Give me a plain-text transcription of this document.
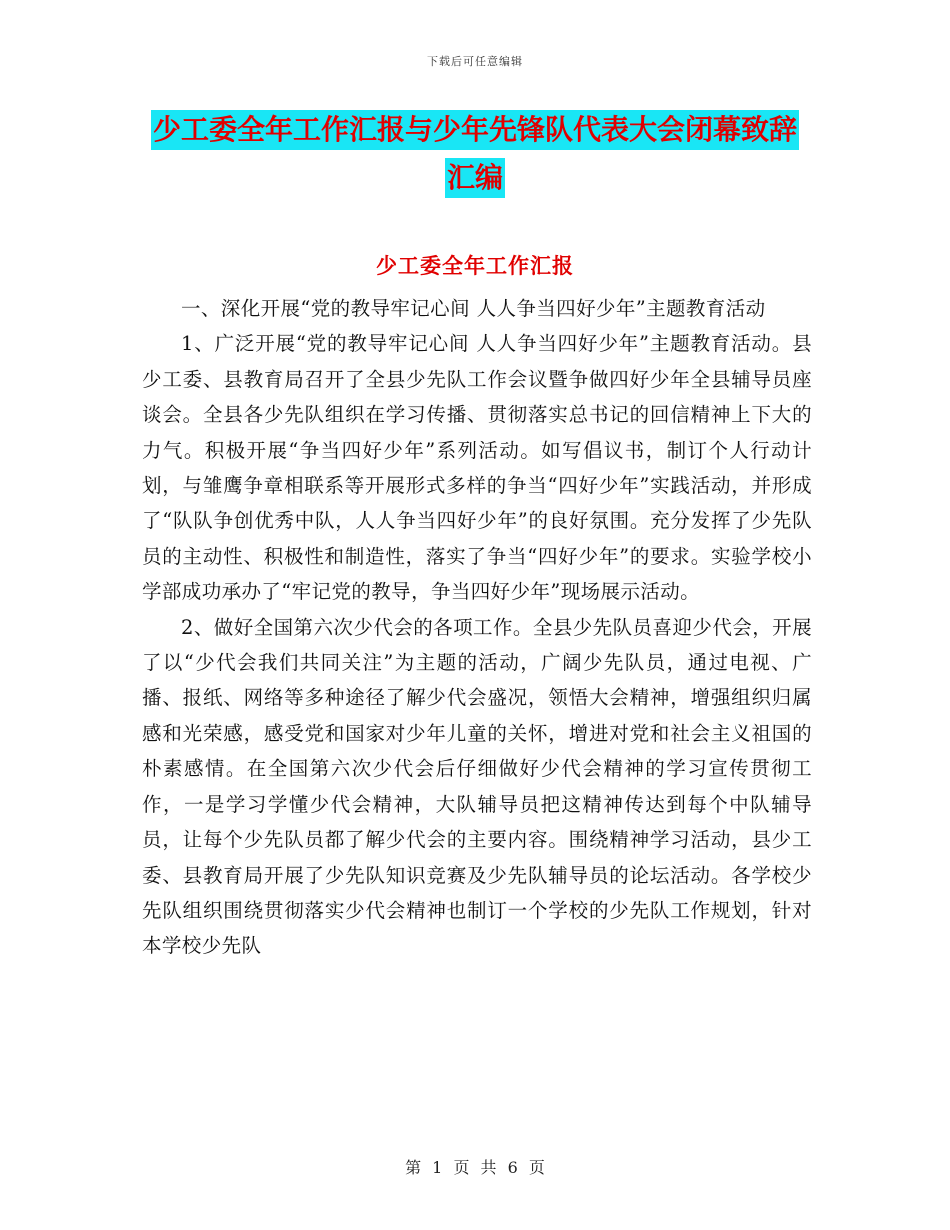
下载后可任意编辑
少工委全年工作汇报与少年先锋队代表大会闭幕致辞
汇编
少工委全年工作汇报

一、深化开展“党的教导牢记心间 人人争当四好少年”主题教育活动

1、广泛开展“党的教导牢记心间 人人争当四好少年”主题教育活动。县少工委、县教育局召开了全县少先队工作会议暨争做四好少年全县辅导员座谈会。全县各少先队组织在学习传播、贯彻落实总书记的回信精神上下大的力气。积极开展“争当四好少年”系列活动。如写倡议书，制订个人行动计划，与雏鹰争章相联系等开展形式多样的争当“四好少年”实践活动，并形成了“队队争创优秀中队，人人争当四好少年”的良好氛围。充分发挥了少先队员的主动性、积极性和制造性，落实了争当“四好少年”的要求。实验学校小学部成功承办了“牢记党的教导，争当四好少年”现场展示活动。

2、做好全国第六次少代会的各项工作。全县少先队员喜迎少代会，开展了以“少代会我们共同关注”为主题的活动，广阔少先队员，通过电视、广播、报纸、网络等多种途径了解少代会盛况，领悟大会精神，增强组织归属感和光荣感，感受党和国家对少年儿童的关怀，增进对党和社会主义祖国的朴素感情。在全国第六次少代会后仔细做好少代会精神的学习宣传贯彻工作，一是学习学懂少代会精神，大队辅导员把这精神传达到每个中队辅导员，让每个少先队员都了解少代会的主要内容。围绕精神学习活动，县少工委、县教育局开展了少先队知识竞赛及少先队辅导员的论坛活动。各学校少先队组织围绕贯彻落实少代会精神也制订一个学校的少先队工作规划，针对本学校少先队

第 1 页 共 6 页
